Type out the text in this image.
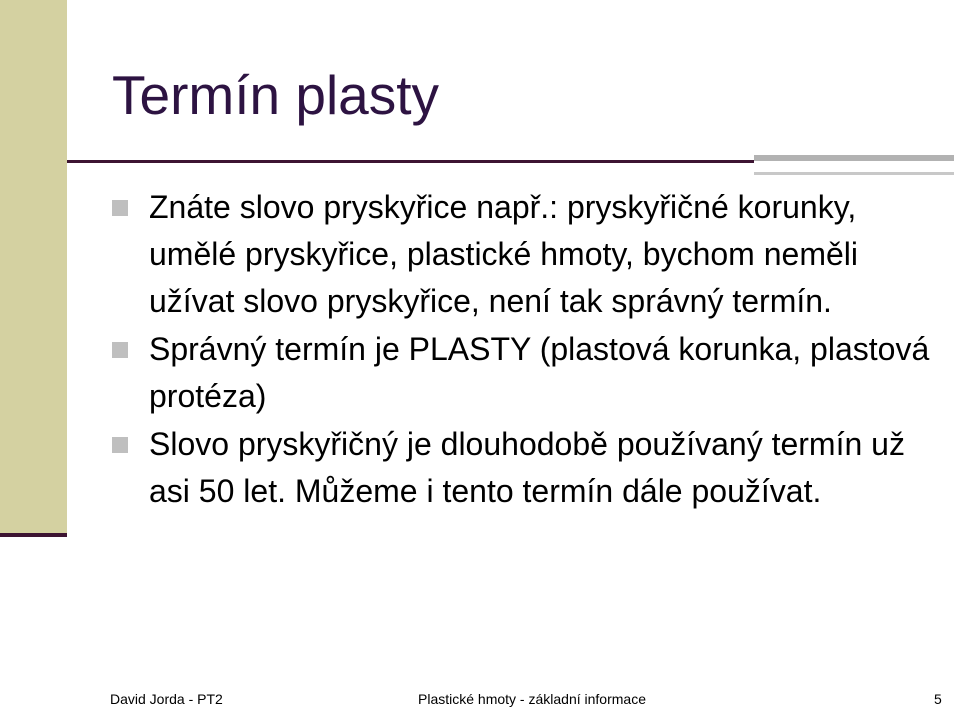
Termín plasty
Znáte slovo pryskyřice např.: pryskyřičné korunky, umělé pryskyřice, plastické hmoty, bychom neměli užívat slovo pryskyřice, není tak správný termín.
Správný termín je PLASTY (plastová korunka, plastová protéza)
Slovo pryskyřičný je dlouhodobě používaný termín už asi 50 let. Můžeme i tento termín dále používat.
David Jorda - PT2	Plastické hmoty - základní informace	5
